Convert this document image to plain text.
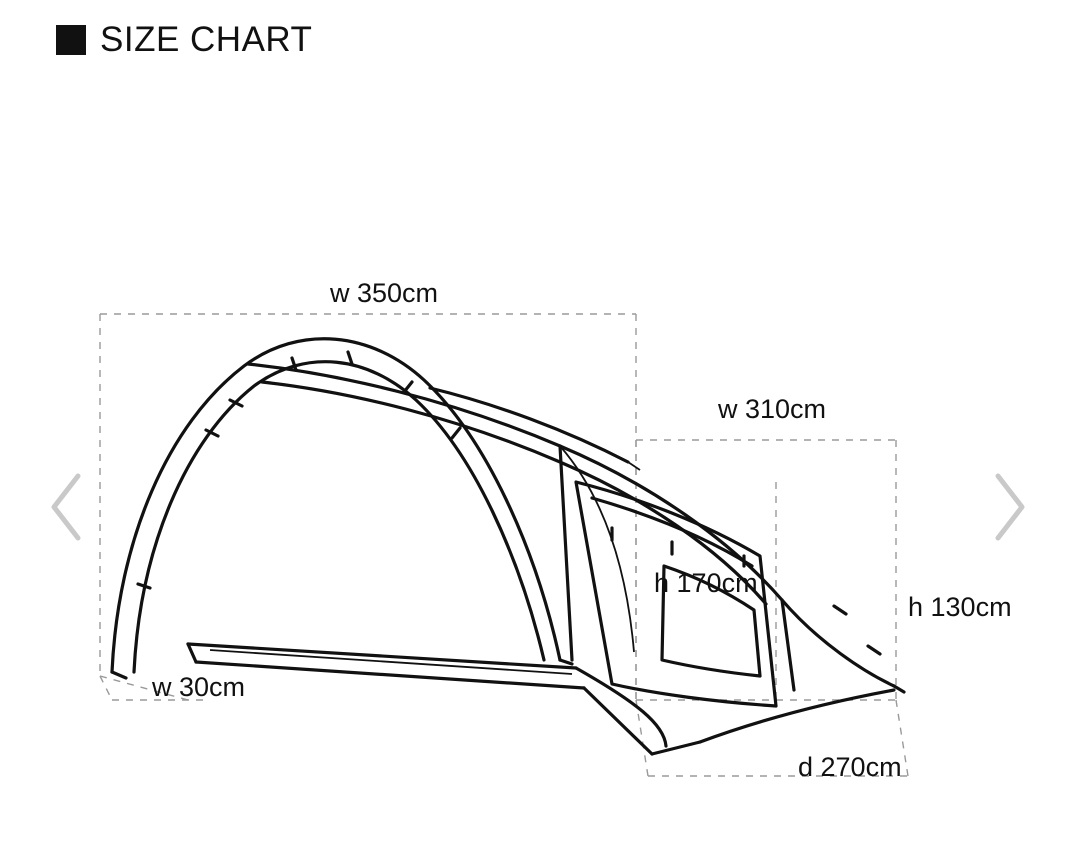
SIZE CHART
w 350cm
w 310cm
h 170cm
h 130cm
w 30cm
d 270cm
